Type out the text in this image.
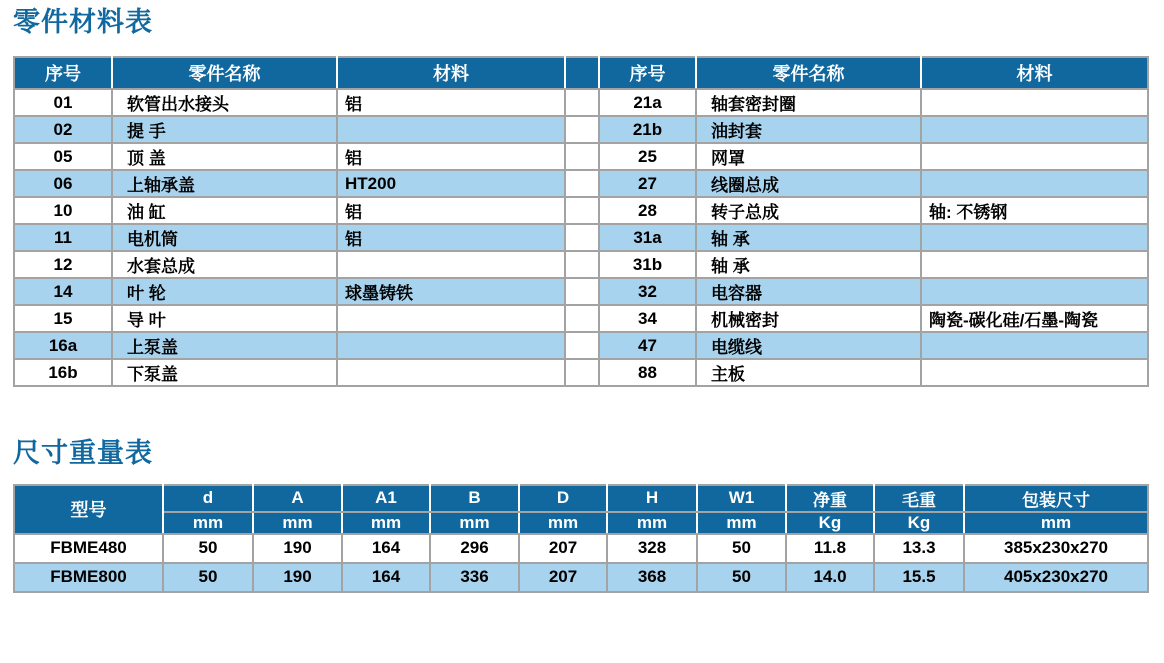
零件材料表
序号	零件名称	材料		序号	零件名称	材料
01	软管出水接头	铝		21a	轴套密封圈	
02	提 手			21b	油封套	
05	顶 盖	铝		25	网罩	
06	上轴承盖	HT200		27	线圈总成	
10	油 缸	铝		28	转子总成	轴: 不锈钢
11	电机筒	铝		31a	轴 承	
12	水套总成			31b	轴 承	
14	叶 轮	球墨铸铁		32	电容器	
15	导 叶			34	机械密封	陶瓷-碳化硅/石墨-陶瓷
16a	上泵盖			47	电缆线	
16b	下泵盖			88	主板	
尺寸重量表
型号	d	A	A1	B	D	H	W1	净重	毛重	包装尺寸
	mm	mm	mm	mm	mm	mm	mm	Kg	Kg	mm
FBME480	50	190	164	296	207	328	50	11.8	13.3	385x230x270
FBME800	50	190	164	336	207	368	50	14.0	15.5	405x230x270
